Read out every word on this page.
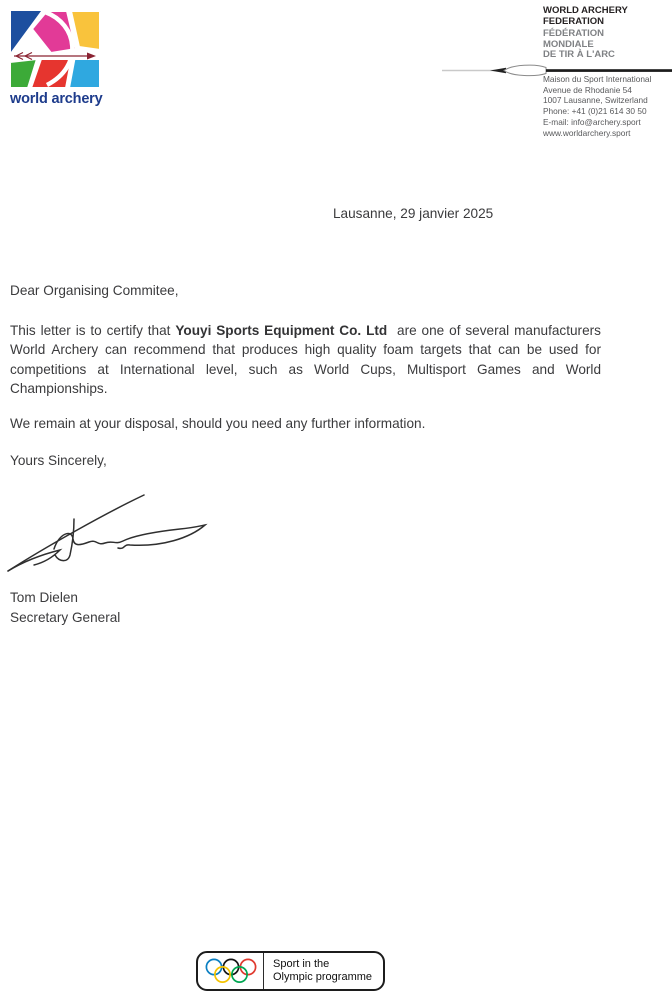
world archery
WORLD ARCHERY
FEDERATION
FÉDÉRATION
MONDIALE
DE TIR À L'ARC
Maison du Sport International
Avenue de Rhodanie 54
1007 Lausanne, Switzerland
Phone: +41 (0)21 614 30 50
E-mail: info@archery.sport
www.worldarchery.sport
Lausanne, 29 janvier 2025
Dear Organising Commitee,
This letter is to certify that Youyi Sports Equipment Co. Ltd  are one of several manufacturers World Archery can recommend that produces high quality foam targets that can be used for competitions at International level, such as World Cups, Multisport Games and World Championships.
We remain at your disposal, should you need any further information.
Yours Sincerely,
Tom Dielen
Secretary General
Sport in the
Olympic programme
